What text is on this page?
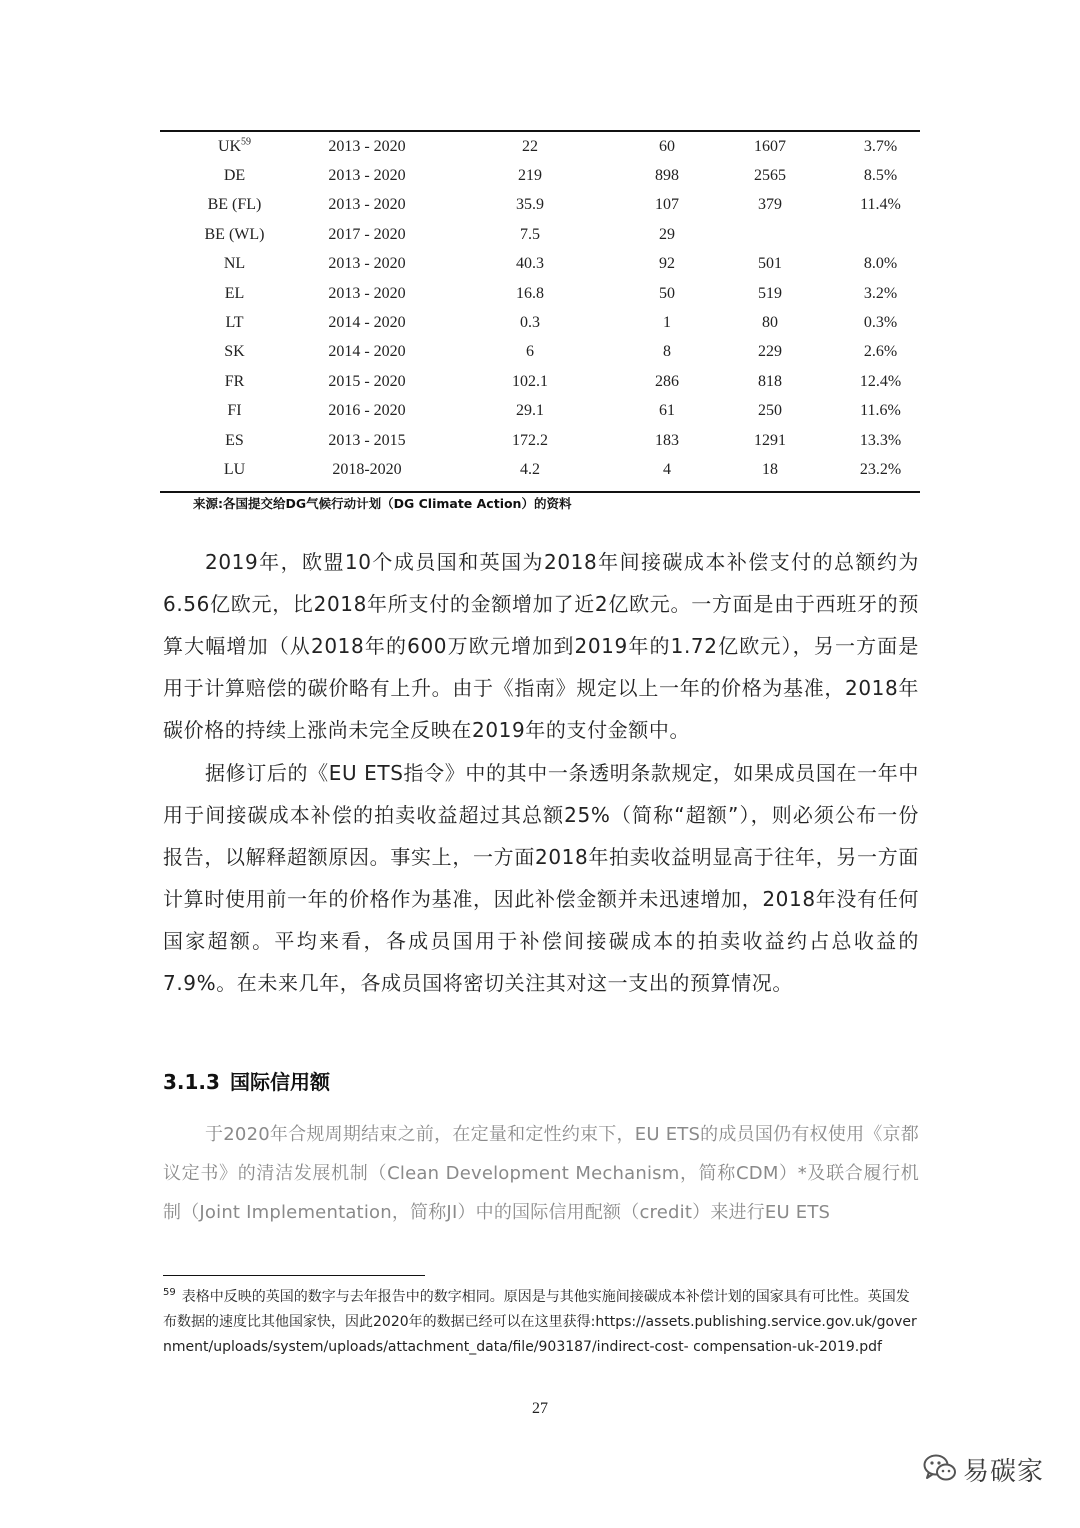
UK$^{59}$	2013 - 2020	22	60	1607	3.7%
DE	2013 - 2020	219	898	2565	8.5%
BE (FL)	2013 - 2020	35.9	107	379	11.4%
BE (WL)	2017 - 2020	7.5	29		
NL	2013 - 2020	40.3	92	501	8.0%
EL	2013 - 2020	16.8	50	519	3.2%
LT	2014 - 2020	0.3	1	80	0.3%
SK	2014 - 2020	6	8	229	2.6%
FR	2015 - 2020	102.1	286	818	12.4%
FI	2016 - 2020	29.1	61	250	11.6%
ES	2013 - 2015	172.2	183	1291	13.3%
LU	2018-2020	4.2	4	18	23.2%
来源:各国提交给DG气候行动计划（DG Climate Action）的资料

2019年，欧盟10个成员国和英国为2018年间接碳成本补偿支付的总额约为6.56亿欧元，比2018年所支付的金额增加了近2亿欧元。一方面是由于西班牙的预算大幅增加（从2018年的600万欧元增加到2019年的1.72亿欧元），另一方面是用于计算赔偿的碳价略有上升。由于《指南》规定以上一年的价格为基准，2018年碳价格的持续上涨尚未完全反映在2019年的支付金额中。

据修订后的《EU ETS指令》中的其中一条透明条款规定，如果成员国在一年中用于间接碳成本补偿的拍卖收益超过其总额25%（简称“超额”），则必须公布一份报告，以解释超额原因。事实上，一方面2018年拍卖收益明显高于往年，另一方面计算时使用前一年的价格作为基准，因此补偿金额并未迅速增加，2018年没有任何国家超额。平均来看，各成员国用于补偿间接碳成本的拍卖收益约占总收益的7.9%。在未来几年，各成员国将密切关注其对这一支出的预算情况。

3.1.3 国际信用额

于2020年合规周期结束之前，在定量和定性约束下，EU ETS的成员国仍有权使用《京都议定书》的清洁发展机制（Clean Development Mechanism，简称CDM）*及联合履行机制（Joint Implementation，简称JI）中的国际信用配额（credit）来进行EU ETS

$^{59}$ 表格中反映的英国的数字与去年报告中的数字相同。原因是与其他实施间接碳成本补偿计划的国家具有可比性。英国发布数据的速度比其他国家快，因此2020年的数据已经可以在这里获得:https://assets.publishing.service.gov.uk/government/uploads/system/uploads/attachment_data/file/903187/indirect-cost- compensation-uk-2019.pdf

27
易碳家
